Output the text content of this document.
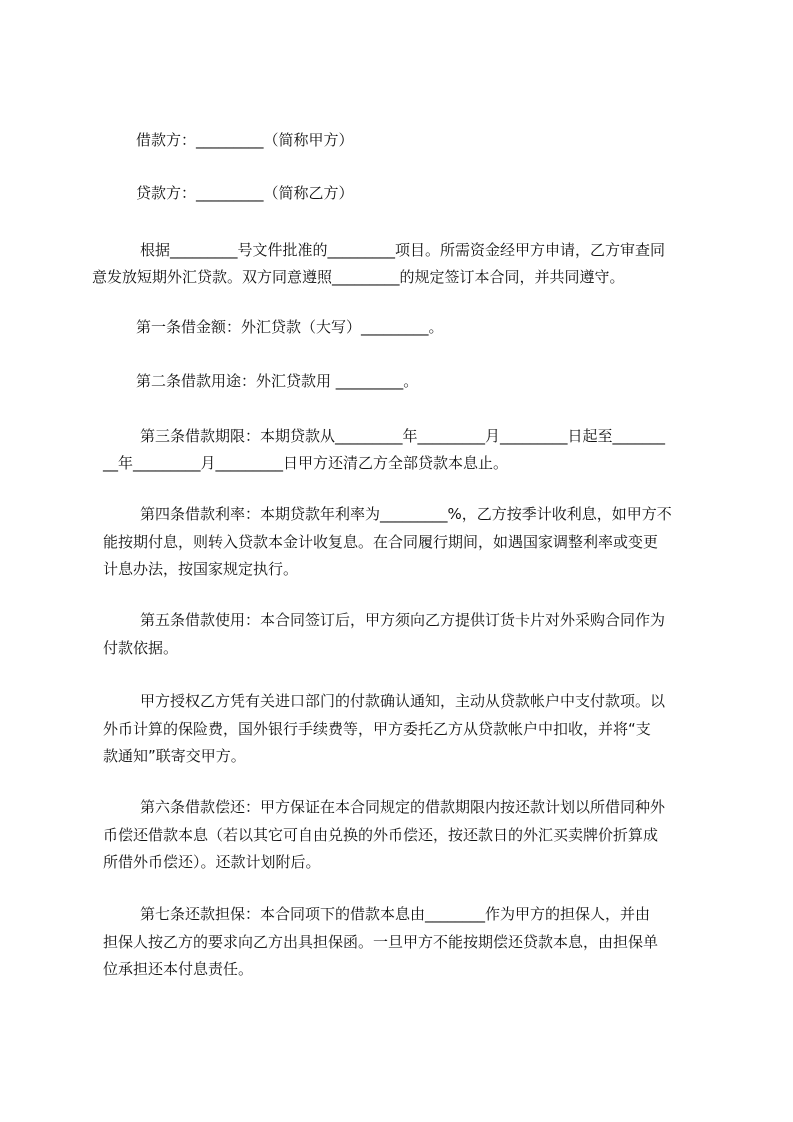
借款方：_________（简称甲方）
贷款方：_________（简称乙方）
根据_________号文件批准的_________项目。所需资金经甲方申请，乙方审查同
意发放短期外汇贷款。双方同意遵照_________的规定签订本合同，并共同遵守。
第一条借金额：外汇贷款（大写）_________。
第二条借款用途：外汇贷款用 _________。
第三条借款期限：本期贷款从_________年_________月_________日起至_______
__年_________月_________日甲方还清乙方全部贷款本息止。
第四条借款利率：本期贷款年利率为_________%，乙方按季计收利息，如甲方不
能按期付息，则转入贷款本金计收复息。在合同履行期间，如遇国家调整利率或变更
计息办法，按国家规定执行。
第五条借款使用：本合同签订后，甲方须向乙方提供订货卡片对外采购合同作为
付款依据。
甲方授权乙方凭有关进口部门的付款确认通知，主动从贷款帐户中支付款项。以
外币计算的保险费，国外银行手续费等，甲方委托乙方从贷款帐户中扣收，并将“支
款通知”联寄交甲方。
第六条借款偿还：甲方保证在本合同规定的借款期限内按还款计划以所借同种外
币偿还借款本息（若以其它可自由兑换的外币偿还，按还款日的外汇买卖牌价折算成
所借外币偿还）。还款计划附后。
第七条还款担保：本合同项下的借款本息由________作为甲方的担保人，并由
担保人按乙方的要求向乙方出具担保函。一旦甲方不能按期偿还贷款本息，由担保单
位承担还本付息责任。
